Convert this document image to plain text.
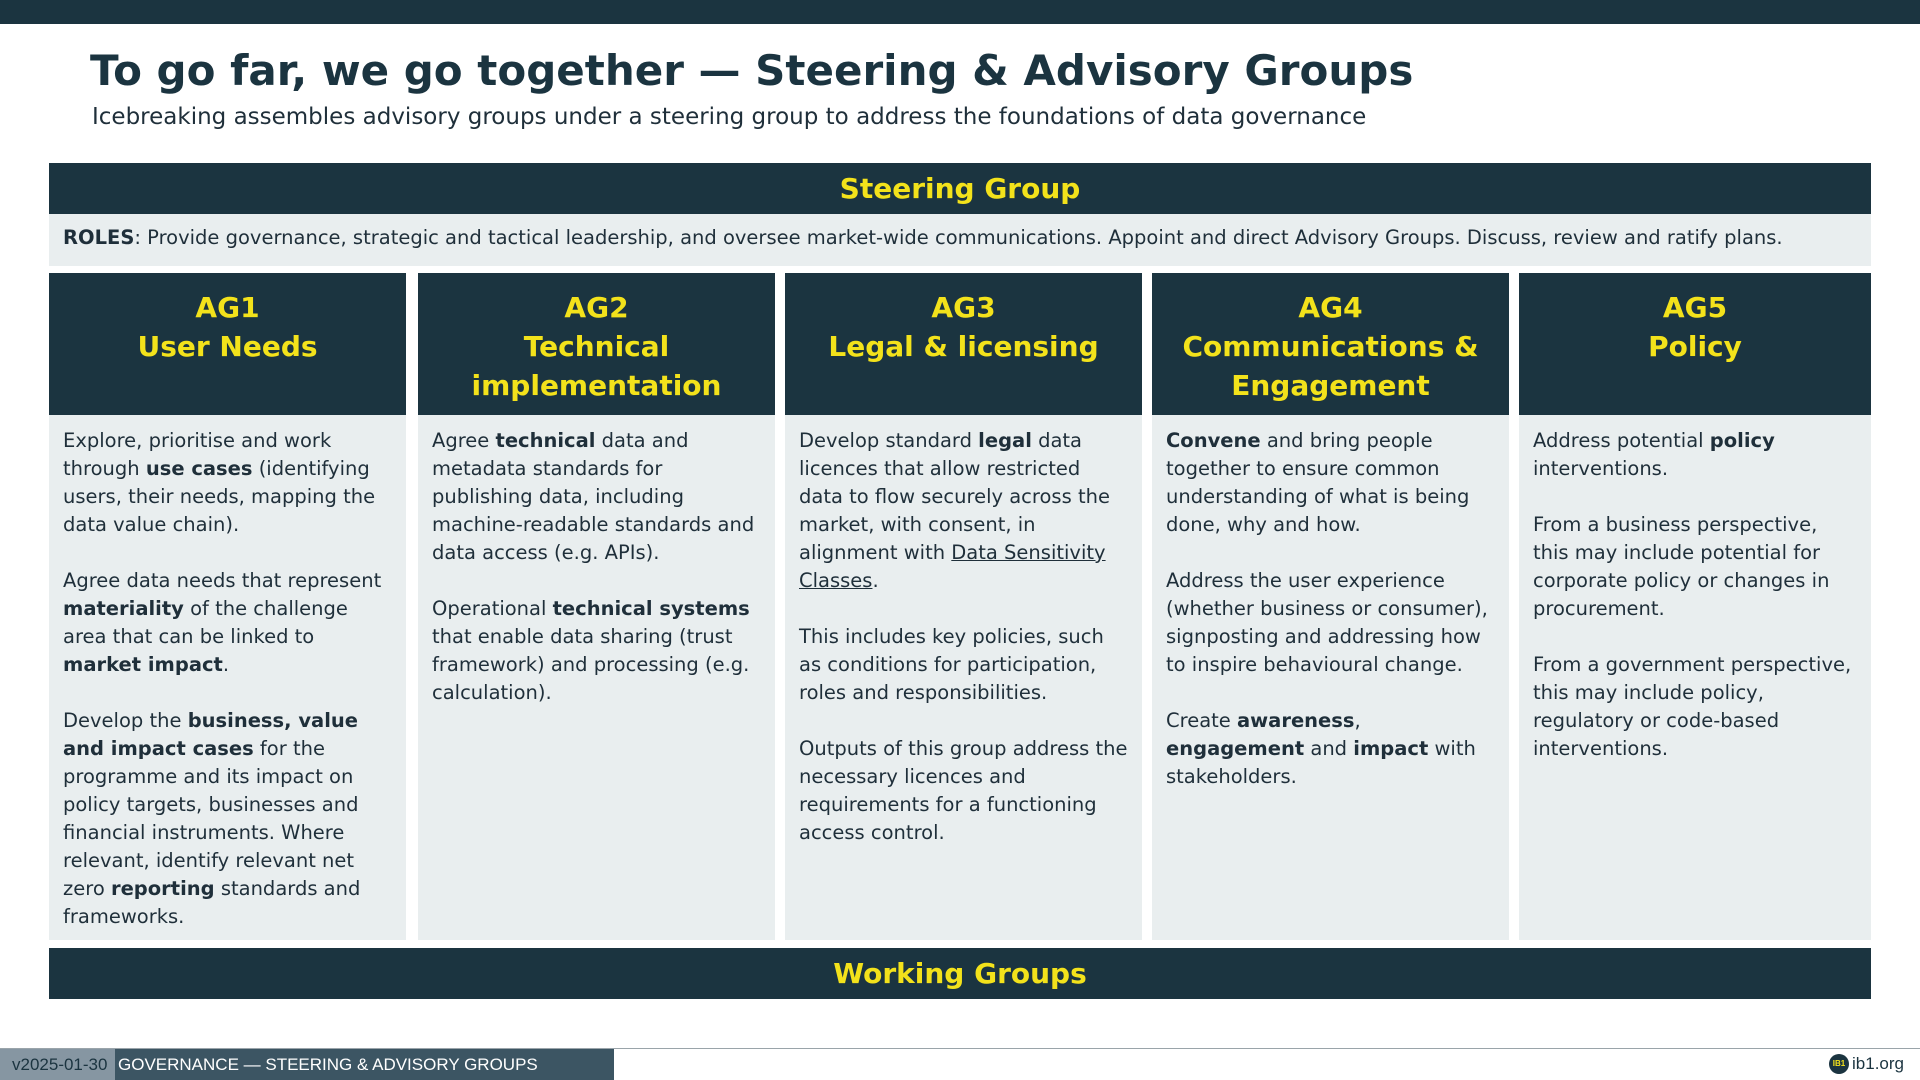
To go far, we go together — Steering & Advisory Groups
Icebreaking assembles advisory groups under a steering group to address the foundations of data governance
Steering Group
ROLES: Provide governance, strategic and tactical leadership, and oversee market-wide communications. Appoint and direct Advisory Groups. Discuss, review and ratify plans.
AG1
User Needs

Explore, prioritise and work through use cases (identifying users, their needs, mapping the data value chain).

Agree data needs that represent materiality of the challenge area that can be linked to market impact.

Develop the business, value and impact cases for the programme and its impact on policy targets, businesses and financial instruments. Where relevant, identify relevant net zero reporting standards and frameworks.

AG2
Technical
implementation

Agree technical data and metadata standards for publishing data, including machine-readable standards and data access (e.g. APIs).

Operational technical systems that enable data sharing (trust framework) and processing (e.g. calculation).

AG3
Legal & licensing

Develop standard legal data licences that allow restricted data to flow securely across the market, with consent, in alignment with Data Sensitivity Classes.

This includes key policies, such as conditions for participation, roles and responsibilities.

Outputs of this group address the necessary licences and requirements for a functioning access control.

AG4
Communications &
Engagement

Convene and bring people together to ensure common understanding of what is being done, why and how.

Address the user experience (whether business or consumer), signposting and addressing how to inspire behavioural change.

Create awareness, engagement and impact with stakeholders.

AG5
Policy

Address potential policy interventions.

From a business perspective, this may include potential for corporate policy or changes in procurement.

From a government perspective, this may include policy, regulatory or code-based interventions.

Working Groups
v2025-01-30 GOVERNANCE — STEERING & ADVISORY GROUPS	IB1 ib1.org
